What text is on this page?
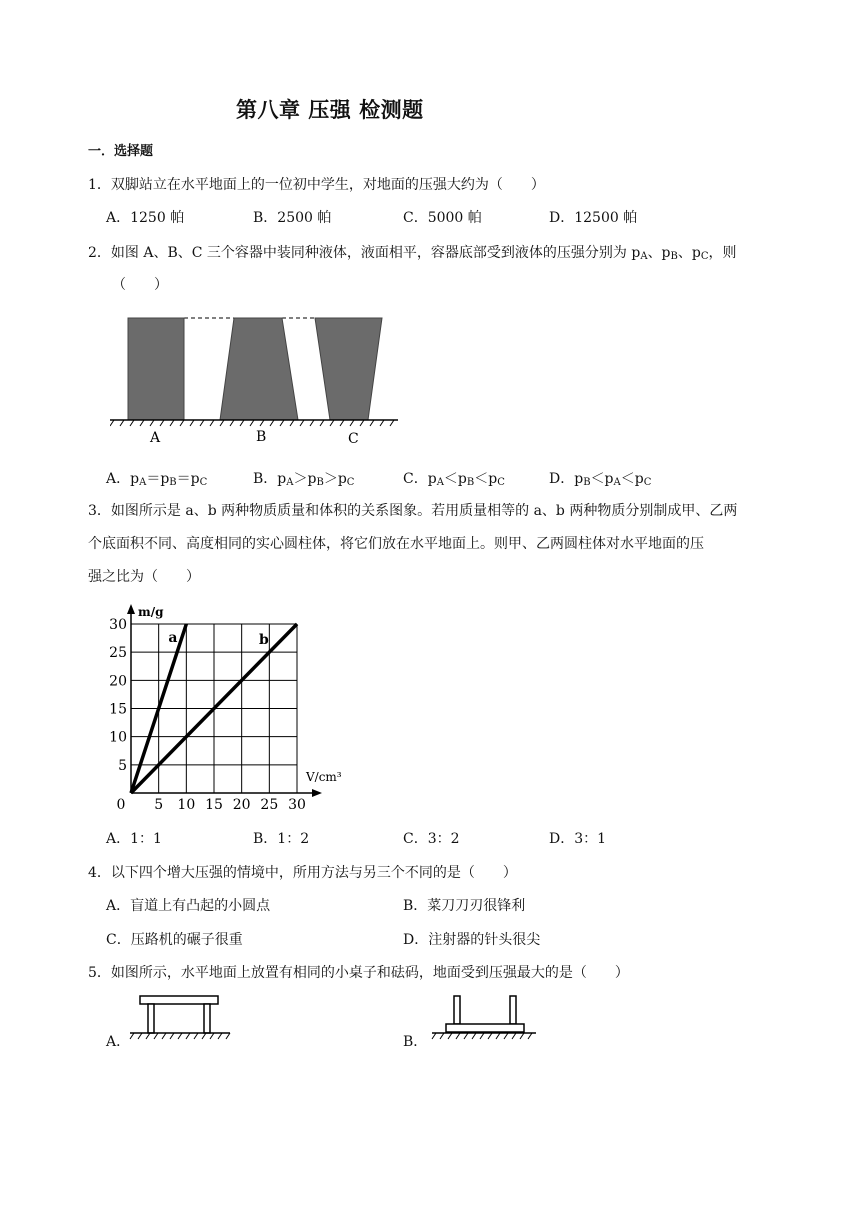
第八章 压强 检测题
一．选择题
1．双脚站立在水平地面上的一位初中学生，对地面的压强大约为（　　）
A．1250 帕	B．2500 帕	C．5000 帕	D．12500 帕
2．如图 A、B、C 三个容器中装同种液体，液面相平，容器底部受到液体的压强分别为 $p_A$、$p_B$、$p_C$，则
（　　）
A	B	C
A．$p_A=p_B=p_C$	B．$p_A>p_B>p_C$	C．$p_A<p_B<p_C$	D．$p_B<p_A<p_C$
3．如图所示是 a、b 两种物质质量和体积的关系图象。若用质量相等的 a、b 两种物质分别制成甲、乙两
个底面积不同、高度相同的实心圆柱体，将它们放在水平地面上。则甲、乙两圆柱体对水平地面的压
强之比为（　　）
m/g
V/cm³
0 5 10 15 20 25 30
5
10
15
20
25
30
a	b
A．1：1	B．1：2	C．3：2	D．3：1
4．以下四个增大压强的情境中，所用方法与另三个不同的是（　　）
A．盲道上有凸起的小圆点	B．菜刀刀刃很锋利
C．压路机的碾子很重	D．注射器的针头很尖
5．如图所示，水平地面上放置有相同的小桌子和砝码，地面受到压强最大的是（　　）
A．	B．
